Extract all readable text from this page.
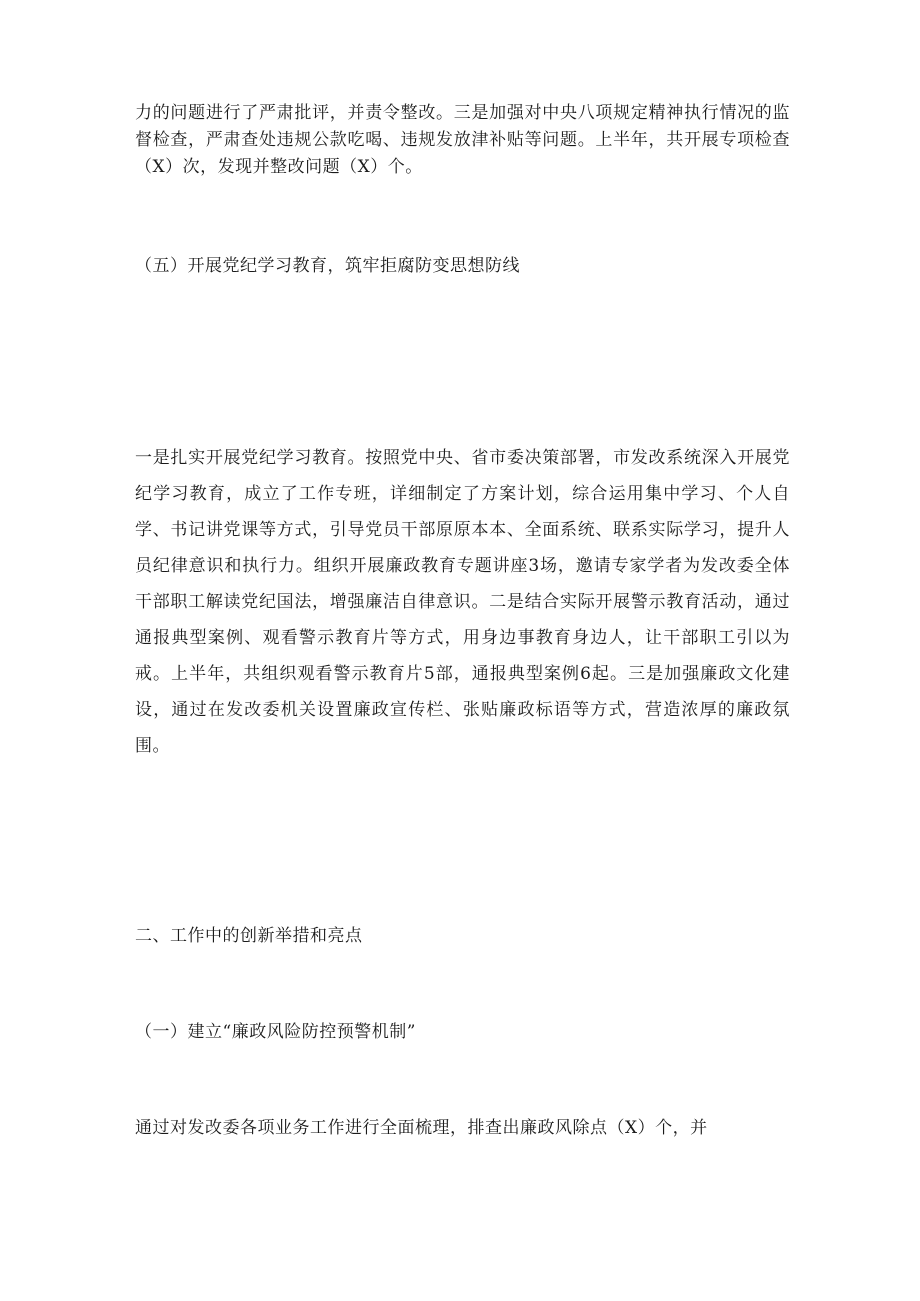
力的问题进行了严肃批评，并责令整改。三是加强对中央八项规定精神执行情况的监督检查，严肃查处违规公款吃喝、违规发放津补贴等问题。上半年，共开展专项检查（X）次，发现并整改问题（X）个。

（五）开展党纪学习教育，筑牢拒腐防变思想防线

一是扎实开展党纪学习教育。按照党中央、省市委决策部署，市发改系统深入开展党纪学习教育，成立了工作专班，详细制定了方案计划，综合运用集中学习、个人自学、书记讲党课等方式，引导党员干部原原本本、全面系统、联系实际学习，提升人员纪律意识和执行力。组织开展廉政教育专题讲座3场，邀请专家学者为发改委全体干部职工解读党纪国法，增强廉洁自律意识。二是结合实际开展警示教育活动，通过通报典型案例、观看警示教育片等方式，用身边事教育身边人，让干部职工引以为戒。上半年，共组织观看警示教育片5部，通报典型案例6起。三是加强廉政文化建设，通过在发改委机关设置廉政宣传栏、张贴廉政标语等方式，营造浓厚的廉政氛围。

二、工作中的创新举措和亮点

（一）建立“廉政风险防控预警机制”

通过对发改委各项业务工作进行全面梳理，排查出廉政风除点（X）个，并
